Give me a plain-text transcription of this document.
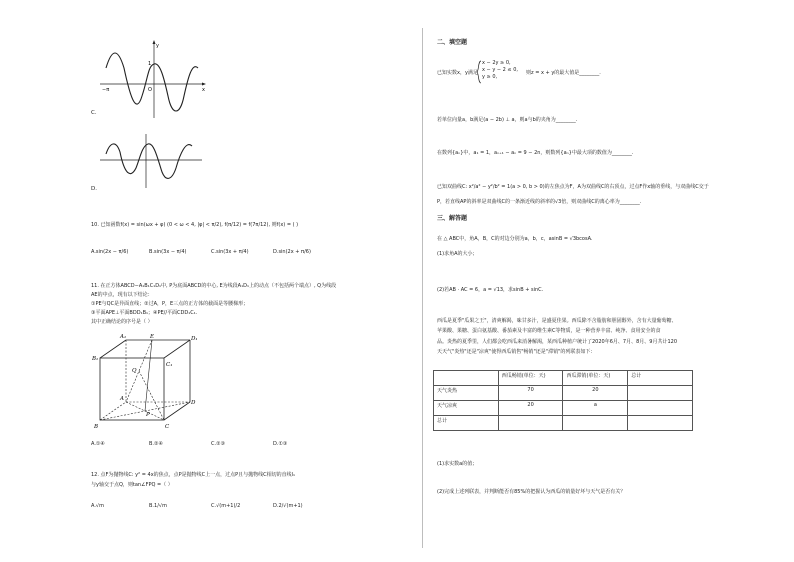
y
x
O
1
−π
C.
D.
10. 已知函数f(x) = sin(ωx + φ) (0 < ω < 4, |φ| < π/2), f(π/12) = f(7π/12), 则f(x) = ( )
A.sin(2x − π/6)	B.sin(3x − π/4)	C.sin(3x + π/4)	D.sin(2x + π/6)
11. 在正方体ABCD−A₁B₁C₁D₁中, P为底面ABCD的中心, E为线段A₁D₁上的动点（不包括两个端点）, Q为线段
AE的中点，现有以下结论：
①PE与QC是异面直线；②过A，P，E三点的正方体的截面是等腰梯形；
③平面APE⊥平面BDD₁B₁；④PE//平面CDD₁C₁.
其中正确结论的序号是（ ）
A₁	E	D₁
B₁
C₁
Q
A
D
P
B	C
A.①④	B.②④	C.②③	D.①③
12. 点F为抛物线C: y² = 4x的焦点，点P是抛物线C上一点，过点P且与抛物线C相切的直线l₁
与y轴交于点Q，则tan∠FPQ =（ ）
A.√m	B.1/√m	C.√(m+1)/2	D.2/√(m+1)
二、填空题
已知实数x，y满足
x − 2y ≥ 0,
x − y − 2 ≤ 0,
y ≥ 0,
则z = x + y的最大值是________.
若单位向量a，b满足(a − 2b) ⊥ a，则a与b的夹角为________.
在数列{aₙ}中，a₁ = 1，aₙ₊₁ − aₙ = 9 − 2n，则数列{aₙ}中最大项的数值为________.
已知双曲线C: x²/a² − y²/b² = 1(a > 0, b > 0)的左焦点为F，A为双曲线C的右顶点，过点F作x轴的垂线，与双曲线C交于
P，若直线AP的斜率是双曲线C的一条渐近线的斜率的√3倍，则双曲线C的离心率为________.
三、解答题
在 △ ABC中，角A，B，C的对边分别为a，b，c，asinB = √3bcosA.
(1)求角A的大小；
(2)若AB · AC = 6，a = √13，求sinB + sinC.
西瓜是夏季"瓜果之王"，清爽解渴，味甘多汁，是盛夏佳果。西瓜除不含脂肪和胆固醇外，含有大量葡萄糖、
苹果酸、果糖、蛋白氨基酸、番茄素及丰富的维生素C等物质，是一种营养丰富、纯净、食用安全的食
品。炎热的夏季里，人们都会吃西瓜来消暑解渴，某西瓜种植户统计了2020年6月、7月、8月、9月共计120
天天气"炎热"还是"凉爽"使得西瓜销售"畅销"还是"滞销"的列联表如下：
	西瓜畅销(单位：天)	西瓜滞销(单位：天)	总计
天气炎热	70	20	
天气凉爽	20	a	
总计			
(1)求实数a的值；
(2)完成上述列联表，并判断能否有85%的把握认为西瓜的销量好坏与天气是否有关？
